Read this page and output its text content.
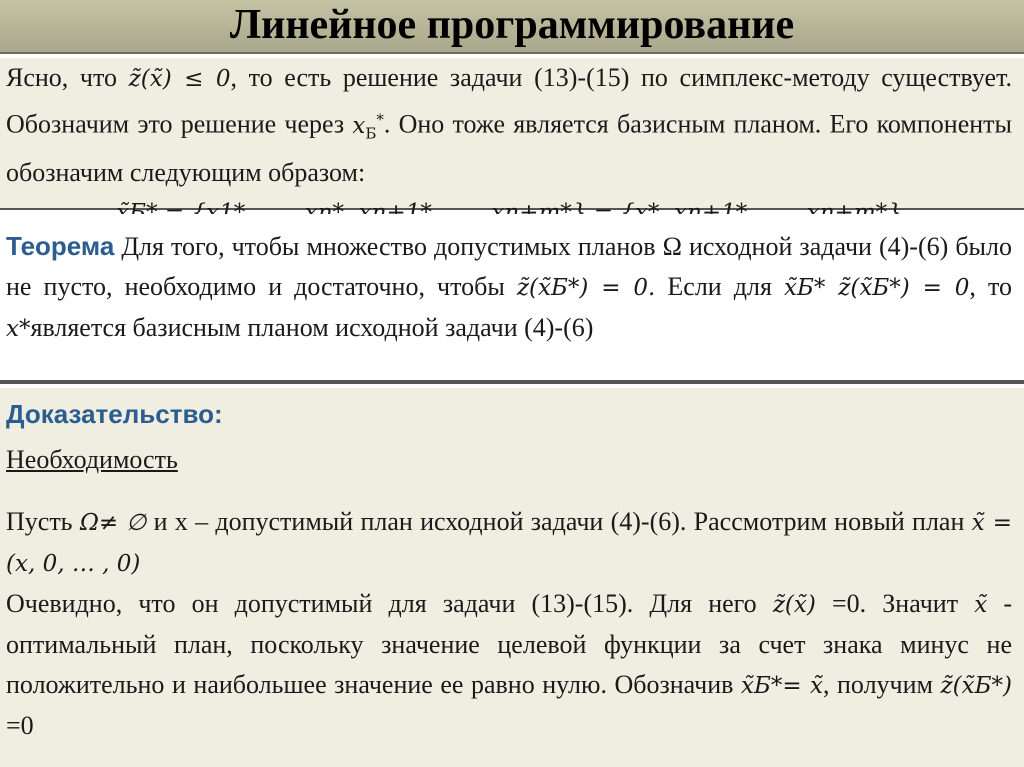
Линейное программирование

Ясно, что z̃(x̃) ≤ 0, то есть решение задачи (13)-(15) по симплекс-методу существует. Обозначим это решение через $x_Б^*$. Оно тоже является базисным планом. Его компоненты обозначим следующим образом:

Теорема Для того, чтобы множество допустимых планов Ω исходной задачи (4)-(6) было не пусто, необходимо и достаточно, чтобы z̃(x̃Б*) = 0. Если для x̃Б* z̃(x̃Б*) = 0, то x*является базисным планом исходной задачи (4)-(6)

Доказательство:

Необходимость

Пусть Ω≠ ∅ и x – допустимый план исходной задачи (4)-(6). Рассмотрим новый план x̃ = (x, 0, … , 0)
Очевидно, что он допустимый для задачи (13)-(15). Для него z̃(x̃) =0. Значит x̃ - оптимальный план, поскольку значение целевой функции за счет знака минус не положительно и наибольшее значение ее равно нулю. Обозначив x̃Б*= x̃, получим z̃(x̃Б*) =0
